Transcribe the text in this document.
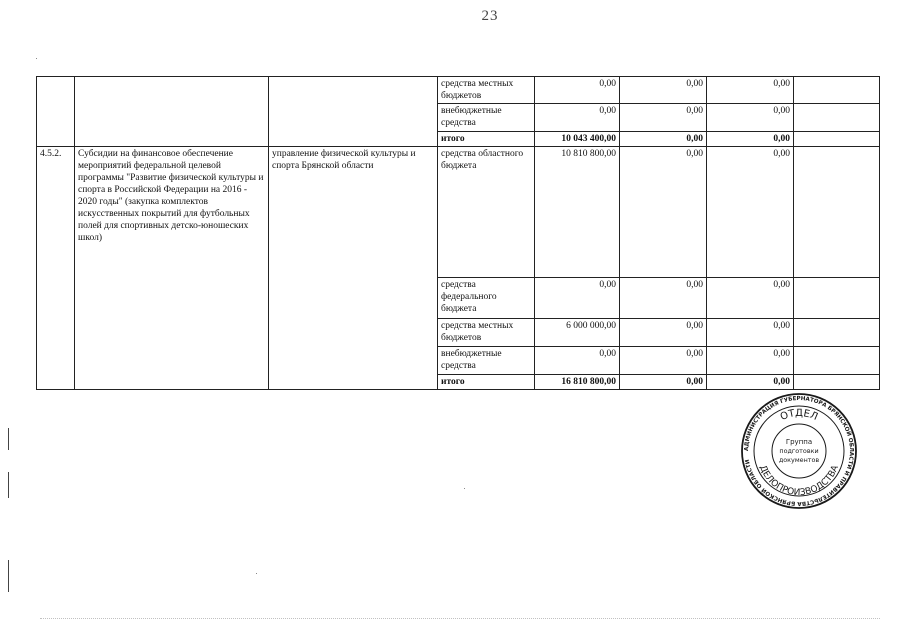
23
			средства местных бюджетов	0,00	0,00	0,00	
			внебюджетные средства	0,00	0,00	0,00	
			итого	10 043 400,00	0,00	0,00	
4.5.2.	Субсидии на финансовое обеспечение мероприятий федеральной целевой программы "Развитие физической культуры и спорта в Российской Федерации на 2016 - 2020 годы" (закупка комплектов искусственных покрытий для футбольных полей для спортивных детско-юношеских школ)	управление физической культуры и спорта Брянской области	средства областного бюджета	10 810 800,00	0,00	0,00	
			средства федерального бюджета	0,00	0,00	0,00	
			средства местных бюджетов	6 000 000,00	0,00	0,00	
			внебюджетные средства	0,00	0,00	0,00	
			итого	16 810 800,00	0,00	0,00	
АДМИНИСТРАЦИЯ ГУБЕРНАТОРА БРЯНСКОЙ ОБЛАСТИ И ПРАВИТЕЛЬСТВА БРЯНСКОЙ ОБЛАСТИ
ОТДЕЛ
ДЕЛОПРОИЗВОДСТВА
Группа
подготовки
документов
